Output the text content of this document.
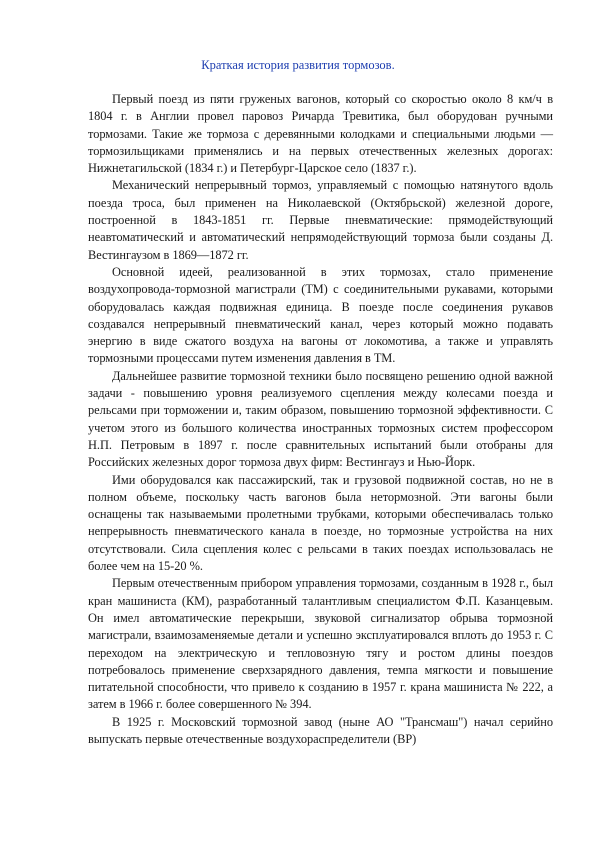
Краткая история развития тормозов.

Первый поезд из пяти груженых вагонов, который со скоростью около 8 км/ч в 1804 г. в Англии провел паровоз Ричарда Тревитика, был оборудован ручными тормозами. Такие же тормоза с деревянными колодками и специальными людьми — тормозильщиками применялись и на первых отечественных железных дорогах: Нижнетагильской (1834 г.) и Петербург-Царское село (1837 г.).

Механический непрерывный тормоз, управляемый с помощью натянутого вдоль поезда троса, был применен на Николаевской (Октябрьской) железной дороге, построенной в 1843-1851 гг. Первые пневматические: прямодействующий неавтоматический и автоматический непрямодействующий тормоза были созданы Д. Вестингаузом в 1869—1872 гг.

Основной идеей, реализованной в этих тормозах, стало применение воздухопровода-тормозной магистрали (ТМ) с соединительными рукавами, которыми оборудовалась каждая подвижная единица. В поезде после соединения рукавов создавался непрерывный пневматический канал, через который можно подавать энергию в виде сжатого воздуха на вагоны от локомотива, а также и управлять тормозными процессами путем изменения давления в ТМ.

Дальнейшее развитие тормозной техники было посвящено решению одной важной задачи - повышению уровня реализуемого сцепления между колесами поезда и рельсами при торможении и, таким образом, повышению тормозной эффективности. С учетом этого из большого количества иностранных тормозных систем профессором Н.П. Петровым в 1897 г. после сравнительных испытаний были отобраны для Российских железных дорог тормоза двух фирм: Вестингауз и Нью-Йорк.

Ими оборудовался как пассажирский, так и грузовой подвижной состав, но не в полном объеме, поскольку часть вагонов была нетормозной. Эти вагоны были оснащены так называемыми пролетными трубками, которыми обеспечивалась только непрерывность пневматического канала в поезде, но тормозные устройства на них отсутствовали. Сила сцепления колес с рельсами в таких поездах использовалась не более чем на 15-20 %.

Первым отечественным прибором управления тормозами, созданным в 1928 г., был кран машиниста (КМ), разработанный талантливым специалистом Ф.П. Казанцевым. Он имел автоматические перекрыши, звуковой сигнализатор обрыва тормозной магистрали, взаимозаменяемые детали и успешно эксплуатировался вплоть до 1953 г. С переходом на электрическую и тепловозную тягу и ростом длины поездов потребовалось применение сверхзарядного давления, темпа мягкости и повышение питательной способности, что привело к созданию в 1957 г. крана машиниста № 222, а затем в 1966 г. более совершенного № 394.

В 1925 г. Московский тормозной завод (ныне АО "Трансмаш") начал серийно выпускать первые отечественные воздухораспределители (ВР)
